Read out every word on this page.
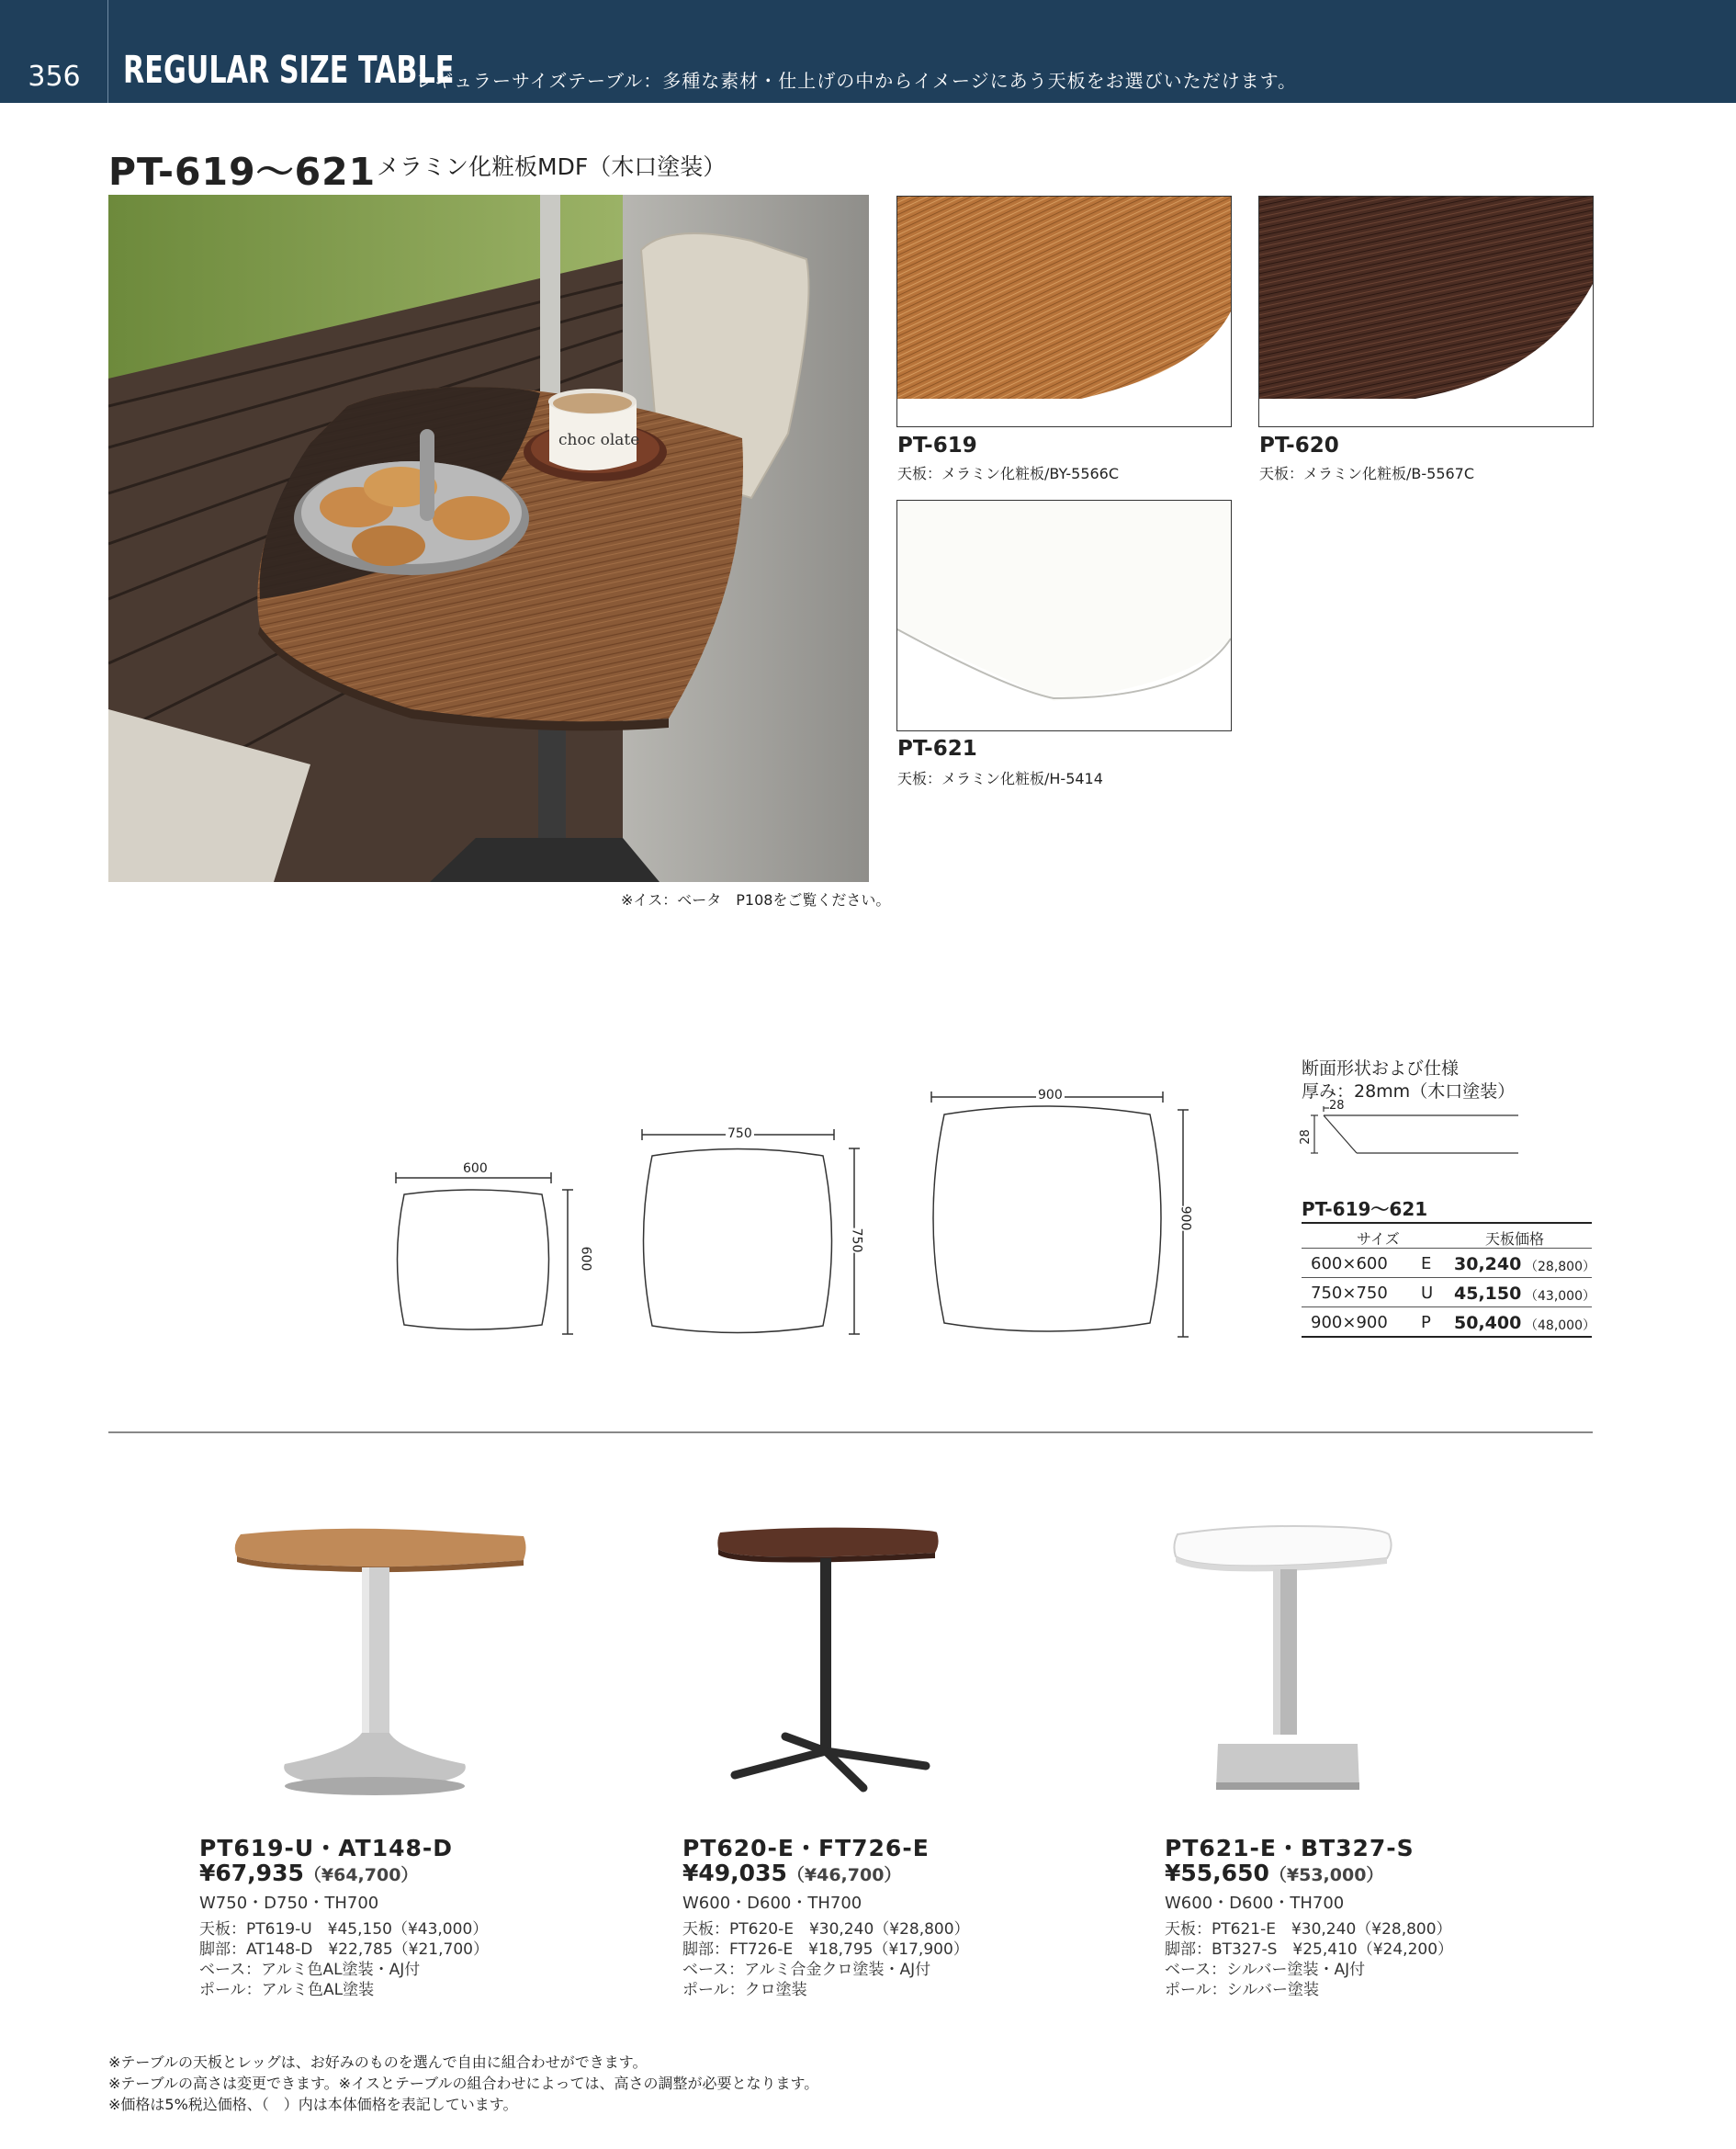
356	REGULAR SIZE TABLE
レギュラーサイズテーブル：多種な素材・仕上げの中からイメージにあう天板をお選びいただけます。
PT-619～621 メラミン化粧板MDF（木口塗装）
choc olate
※イス：ベータ　P108をご覧ください。
PT-619
天板：メラミン化粧板/BY-5566C
PT-620
天板：メラミン化粧板/B-5567C
PT-621
天板：メラミン化粧板/H-5414
600
600
750
750
900
900
断面形状および仕様
厚み：28mm（木口塗装）
28
28
PT-619～621
サイズ	天板価格
600×600 E 30,240 （28,800）
750×750 U 45,150 （43,000）
900×900 P 50,400 （48,000）
PT619-U・AT148-D
¥67,935（¥64,700）
W750・D750・TH700
天板：PT619-U　¥45,150（¥43,000）
脚部：AT148-D　¥22,785（¥21,700）
ベース：アルミ色AL塗装・AJ付
ポール：アルミ色AL塗装
PT620-E・FT726-E
¥49,035（¥46,700）
W600・D600・TH700
天板：PT620-E　¥30,240（¥28,800）
脚部：FT726-E　¥18,795（¥17,900）
ベース：アルミ合金クロ塗装・AJ付
ポール：クロ塗装
PT621-E・BT327-S
¥55,650（¥53,000）
W600・D600・TH700
天板：PT621-E　¥30,240（¥28,800）
脚部：BT327-S　¥25,410（¥24,200）
ベース：シルバー塗装・AJ付
ポール：シルバー塗装
※テーブルの天板とレッグは、お好みのものを選んで自由に組合わせができます。
※テーブルの高さは変更できます。※イスとテーブルの組合わせによっては、高さの調整が必要となります。
※価格は5%税込価格、（　）内は本体価格を表記しています。
